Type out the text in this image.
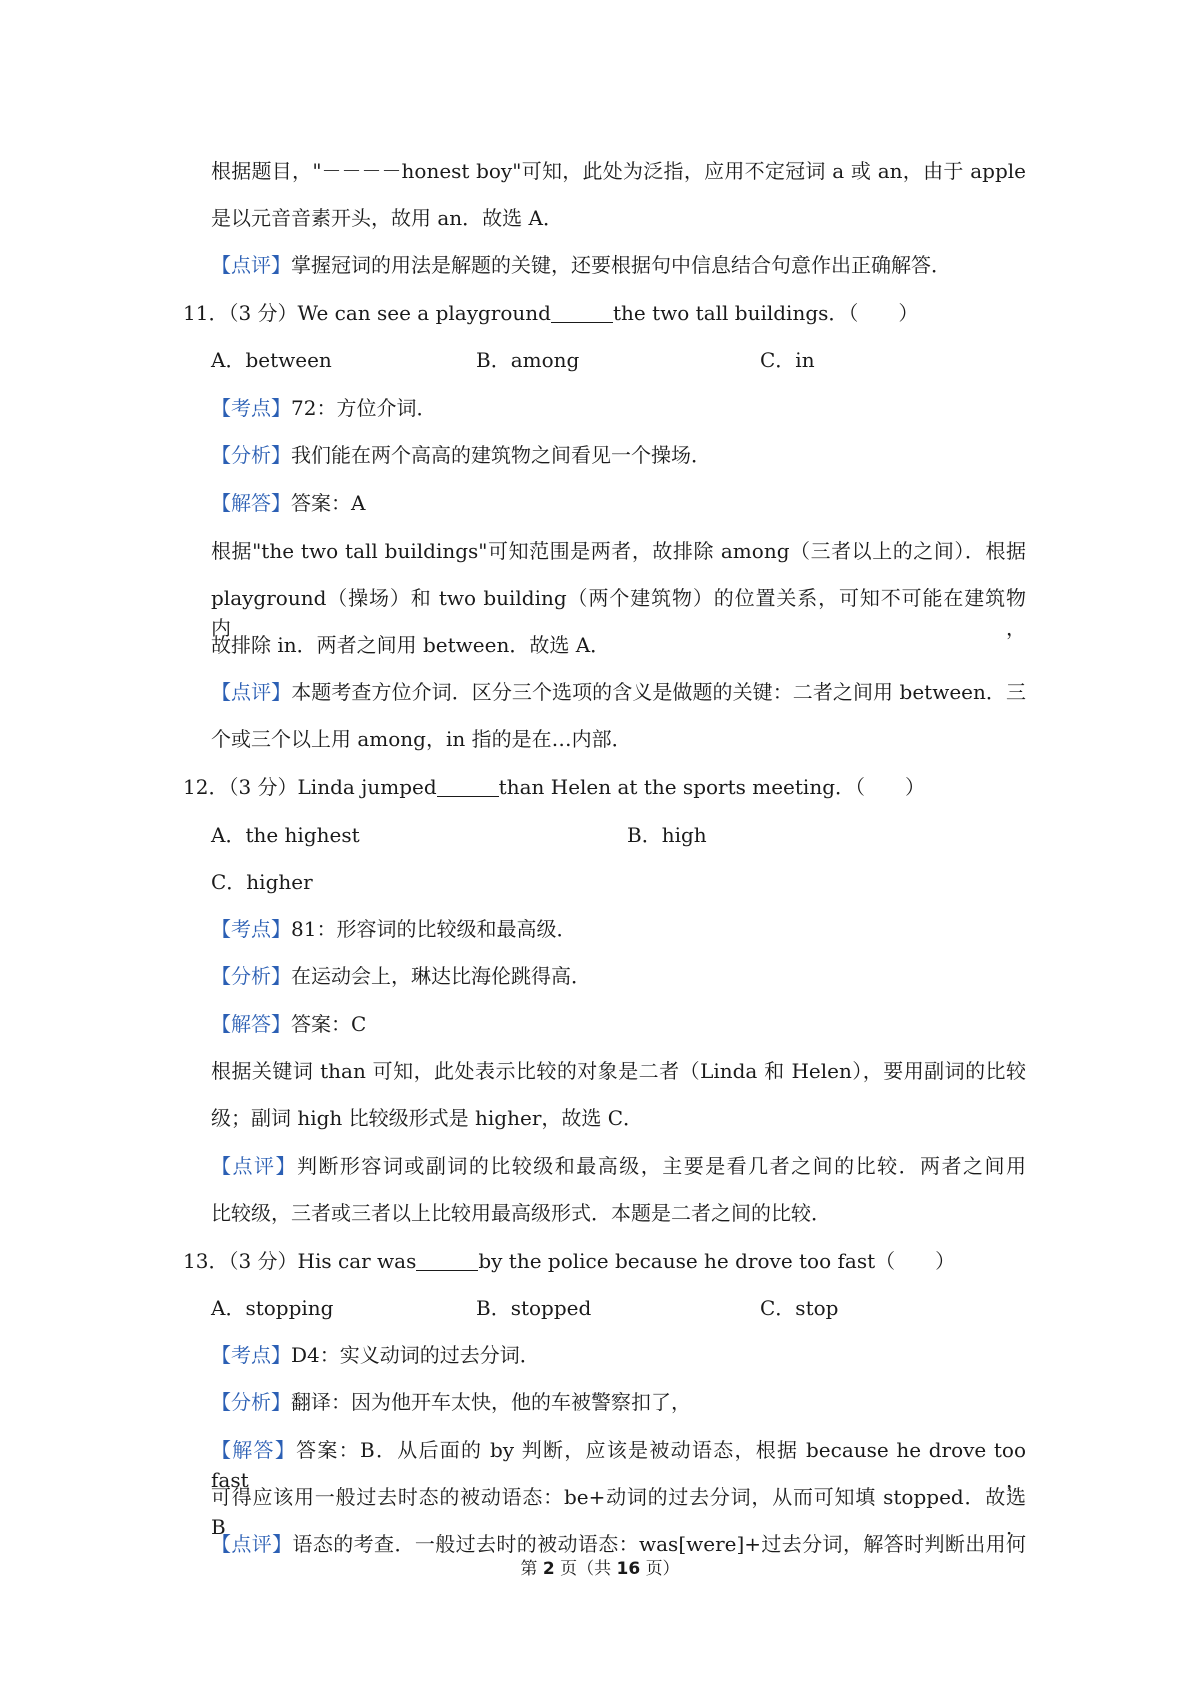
根据题目，"－－－－honest boy"可知，此处为泛指，应用不定冠词 a 或 an，由于 apple
是以元音音素开头，故用 an．故选 A．
【点评】掌握冠词的用法是解题的关键，还要根据句中信息结合句意作出正确解答．
11．（3 分）We can see a playground	the two tall buildings．（　　）
A．between	B．among	C．in
【考点】72：方位介词．
【分析】我们能在两个高高的建筑物之间看见一个操场．
【解答】答案：A
根据"the two tall buildings"可知范围是两者，故排除 among（三者以上的之间）．根据
playground（操场）和 two building（两个建筑物）的位置关系，可知不可能在建筑物内，
故排除 in．两者之间用 between．故选 A．
【点评】本题考查方位介词．区分三个选项的含义是做题的关键：二者之间用 between．三
个或三个以上用 among，in 指的是在…内部．
12．（3 分）Linda jumped	than Helen at the sports meeting．（　　）
A．the highest	B．high
C．higher
【考点】81：形容词的比较级和最高级．
【分析】在运动会上，琳达比海伦跳得高．
【解答】答案：C
根据关键词 than 可知，此处表示比较的对象是二者（Linda 和 Helen），要用副词的比较
级；副词 high 比较级形式是 higher，故选 C．
【点评】判断形容词或副词的比较级和最高级，主要是看几者之间的比较．两者之间用
比较级，三者或三者以上比较用最高级形式．本题是二者之间的比较．
13．（3 分）His car was	by the police because he drove too fast（　　）
A．stopping	B．stopped	C．stop
【考点】D4：实义动词的过去分词．
【分析】翻译：因为他开车太快，他的车被警察扣了，
【解答】答案：B．从后面的 by 判断，应该是被动语态，根据 because he drove too fast，
可得应该用一般过去时态的被动语态：be+动词的过去分词，从而可知填 stopped．故选 B．
【点评】语态的考查．一般过去时的被动语态：was[were]+过去分词，解答时判断出用何
第 2 页（共 16 页）
